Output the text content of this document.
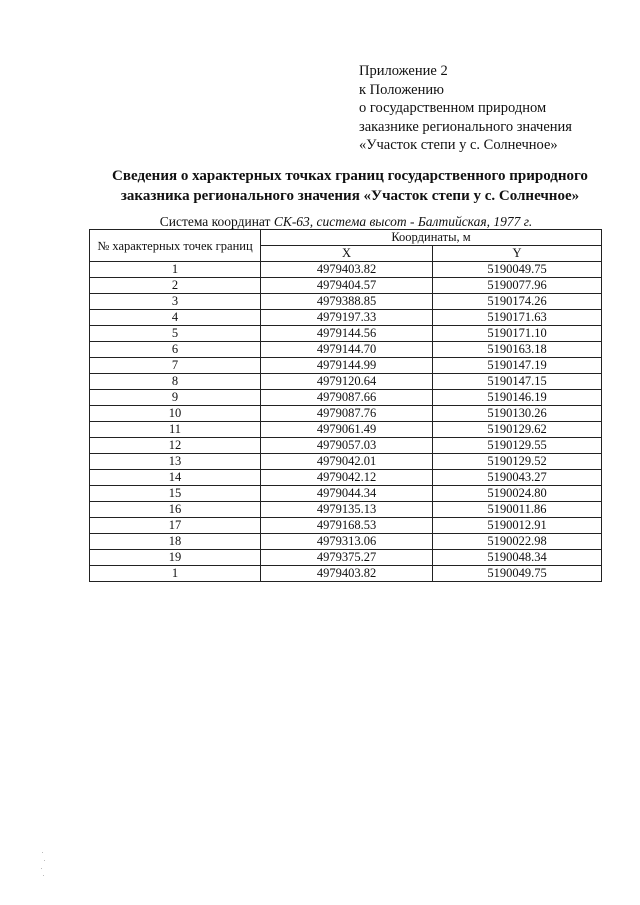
Приложение 2
к Положению
о государственном природном
заказнике регионального значения
«Участок степи у с. Солнечное»
Сведения о характерных точках границ государственного природного
заказника регионального значения «Участок степи у с. Солнечное»
Система координат СК-63, система высот - Балтийская, 1977 г.
№ характерных точек границ	Координаты, м	
	X	Y
1	4979403.82	5190049.75
2	4979404.57	5190077.96
3	4979388.85	5190174.26
4	4979197.33	5190171.63
5	4979144.56	5190171.10
6	4979144.70	5190163.18
7	4979144.99	5190147.19
8	4979120.64	5190147.15
9	4979087.66	5190146.19
10	4979087.76	5190130.26
11	4979061.49	5190129.62
12	4979057.03	5190129.55
13	4979042.01	5190129.52
14	4979042.12	5190043.27
15	4979044.34	5190024.80
16	4979135.13	5190011.86
17	4979168.53	5190012.91
18	4979313.06	5190022.98
19	4979375.27	5190048.34
1	4979403.82	5190049.75
